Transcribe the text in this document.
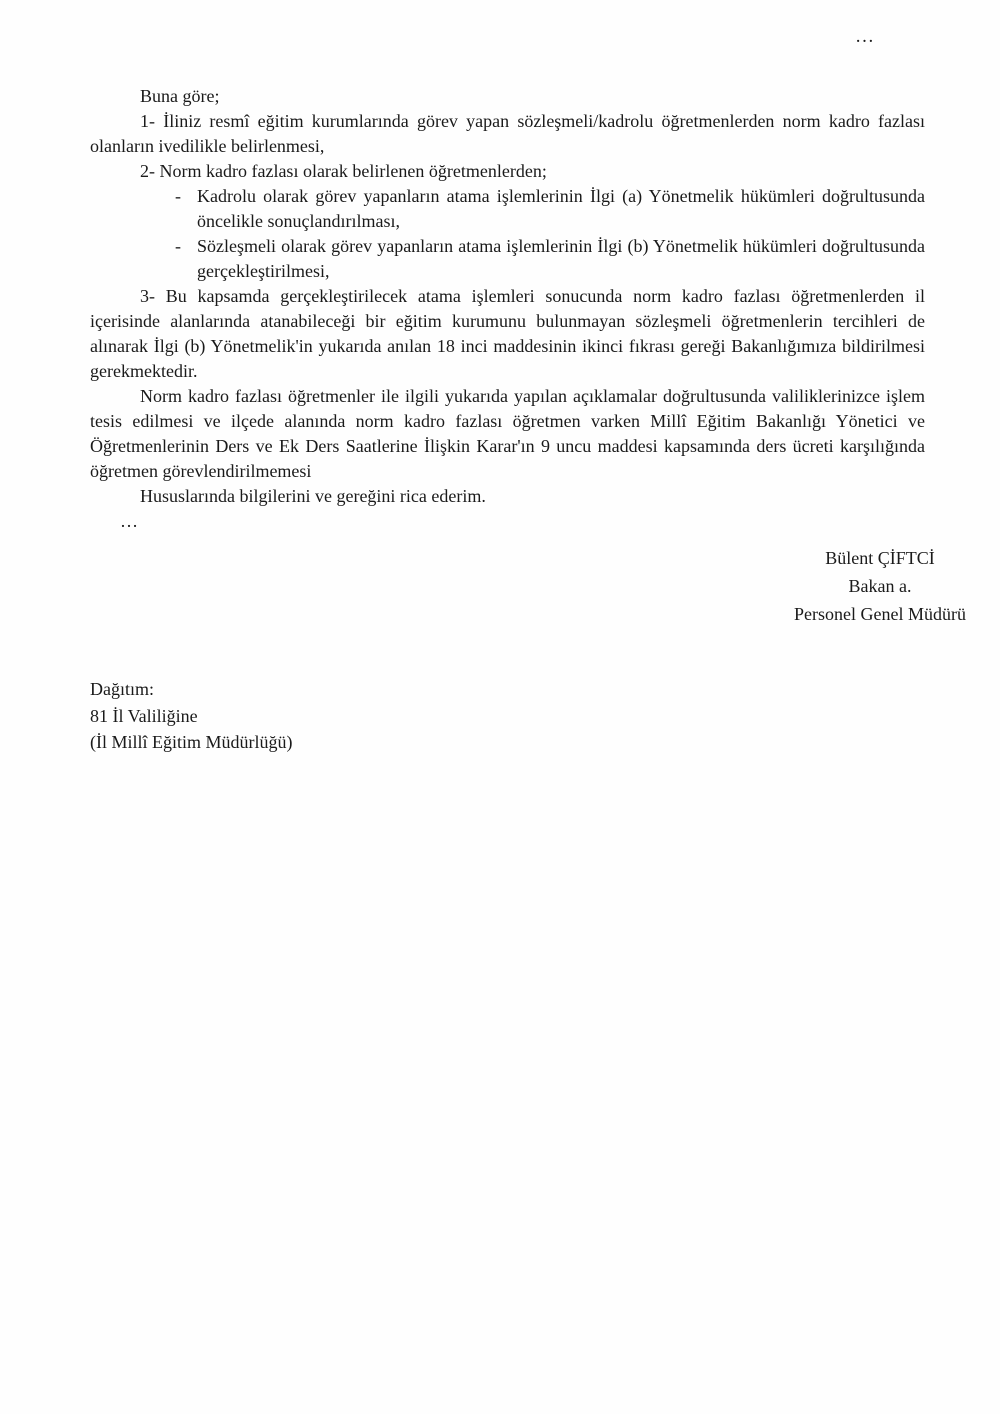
…

Buna göre;

1- İliniz resmî eğitim kurumlarında görev yapan sözleşmeli/kadrolu öğretmenlerden norm kadro fazlası olanların ivedilikle belirlenmesi,

2- Norm kadro fazlası olarak belirlenen öğretmenlerden;

- Kadrolu olarak görev yapanların atama işlemlerinin İlgi (a) Yönetmelik hükümleri doğrultusunda öncelikle sonuçlandırılması,
- Sözleşmeli olarak görev yapanların atama işlemlerinin İlgi (b) Yönetmelik hükümleri doğrultusunda gerçekleştirilmesi,

3- Bu kapsamda gerçekleştirilecek atama işlemleri sonucunda norm kadro fazlası öğretmenlerden il içerisinde alanlarında atanabileceği bir eğitim kurumunu bulunmayan sözleşmeli öğretmenlerin tercihleri de alınarak İlgi (b) Yönetmelik'in yukarıda anılan 18 inci maddesinin ikinci fıkrası gereği Bakanlığımıza bildirilmesi gerekmektedir.

Norm kadro fazlası öğretmenler ile ilgili yukarıda yapılan açıklamalar doğrultusunda valiliklerinizce işlem tesis edilmesi ve ilçede alanında norm kadro fazlası öğretmen varken Millî Eğitim Bakanlığı Yönetici ve Öğretmenlerinin Ders ve Ek Ders Saatlerine İlişkin Karar'ın 9 uncu maddesi kapsamında ders ücreti karşılığında öğretmen görevlendirilmemesi

Hususlarında bilgilerini ve gereğini rica ederim.

…

Bülent ÇİFTCİ
Bakan a.
Personel Genel Müdürü
Dağıtım:
81 İl Valiliğine
(İl Millî Eğitim Müdürlüğü)
